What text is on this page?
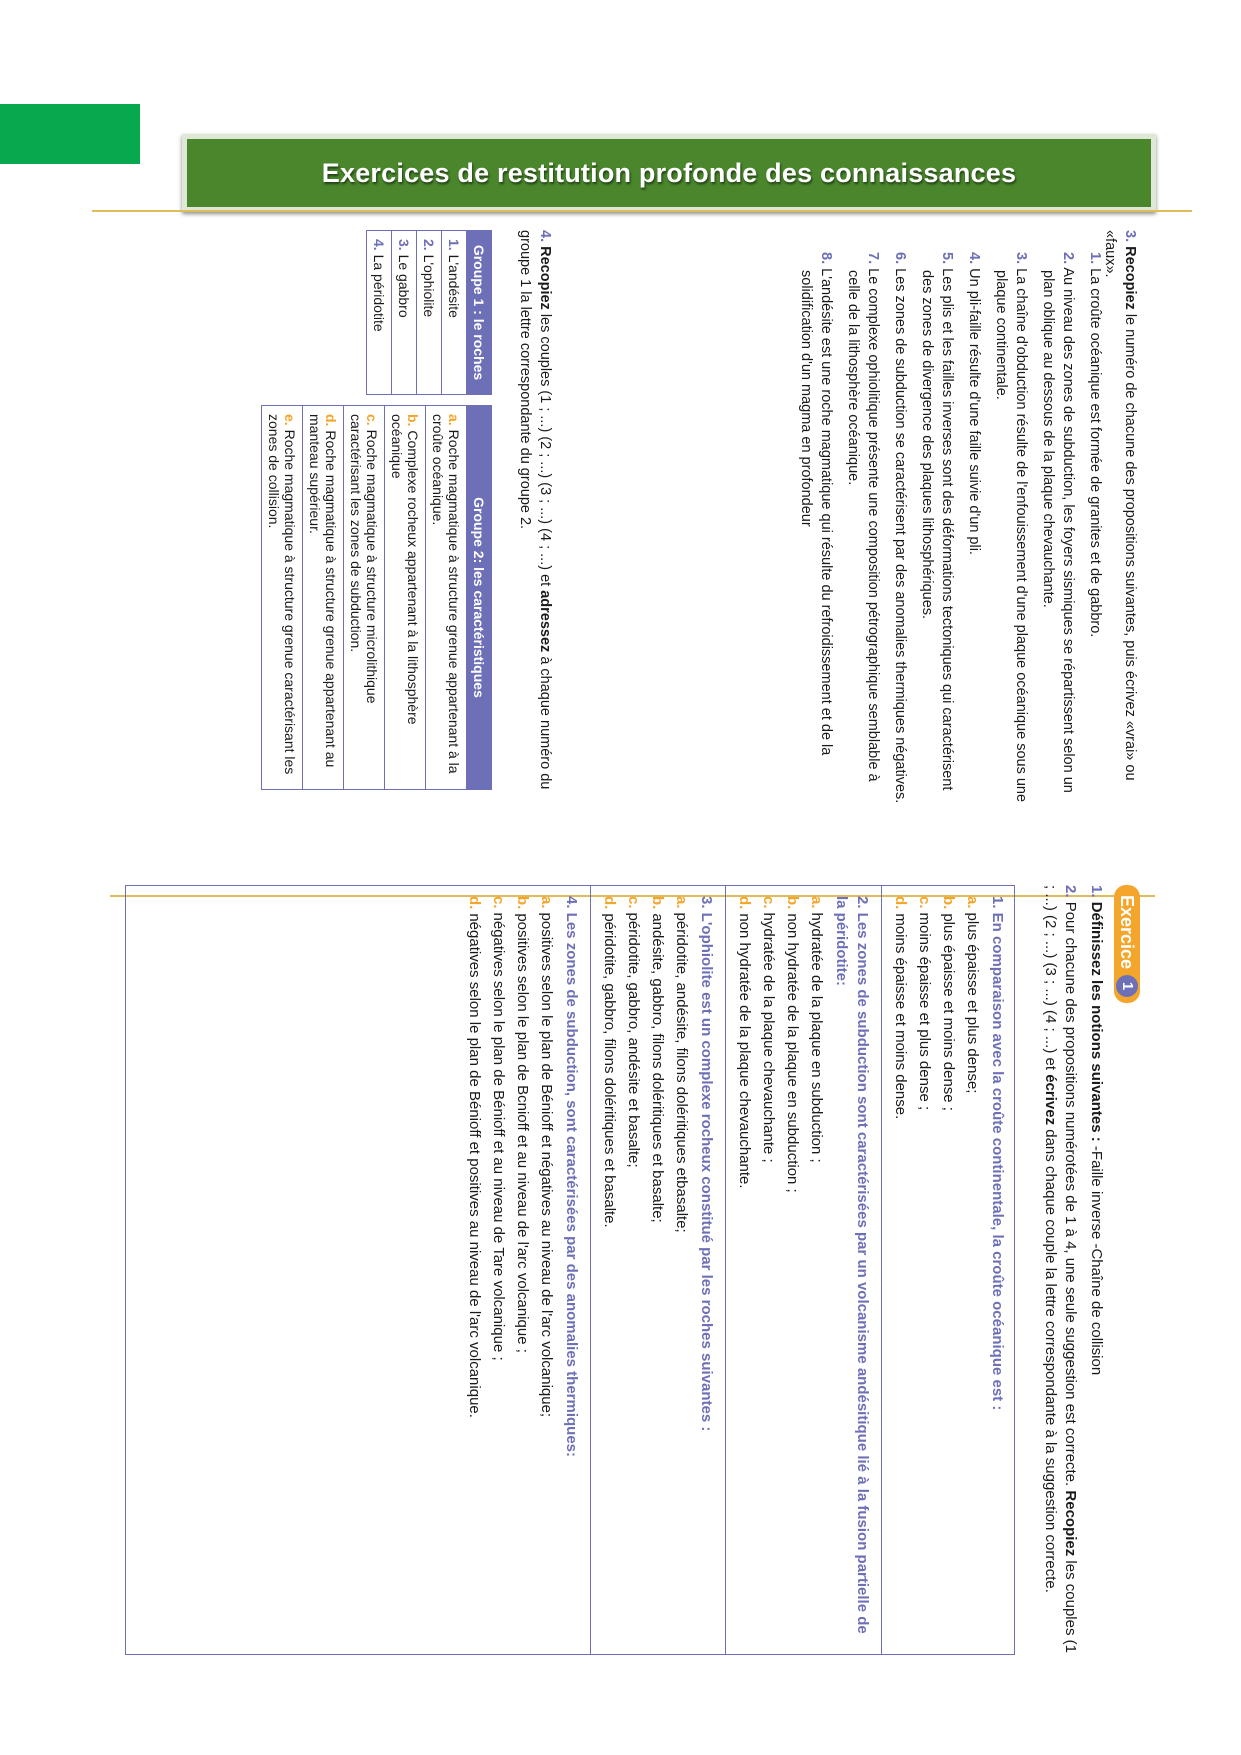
Exercices de restitution profonde des connaissances
3. Recopiez le numéro de chacune des propositions suivantes, puis écrivez «vrai» ou «faux».
1. La croûte océanique est formée de granites et de gabbro.
2. Au niveau des zones de subduction, les foyers sismiques se répartissent selon un plan oblique au dessous de la plaque chevauchante.
3. La chaîne d'obduction résulte de l'enfouissement d'une plaque océanique sous une plaque continentale.
4. Un pli-faille résulte d'une faille suivie d'un pli.
5. Les plis et les failles inverses sont des déformations tectoniques qui caractérisent des zones de divergence des plaques lithosphériques.
6. Les zones de subduction se caractérisent par des anomalies thermiques négatives.
7. Le complexe ophiolitique présente une composition pétrographique semblable à celle de la lithosphère océanique.
8. L'andésite est une roche magmatique qui résulte du refroidissement et de la solidification d'un magma en profondeur
4. Recopiez les couples (1 ; ...) (2 ; ...) (3 ; ...) (4 ; ...) et adressez à chaque numéro du groupe 1 la lettre correspondante du groupe 2.
Groupe 1 : le roches
1. L'andésite
2. L'ophiolite
3. Le gabbro
4. La péridotite
Groupe 2: les caractéristiques
a. Roche magmatique à structure grenue appartenant à la croûte océanique.
b. Complexe rocheux appartenant à la lithosphère océanique
c. Roche magmatique à structure microlithique caractérisant les zones de subduction.
d. Roche magmatique à structure grenue appartenant au manteau supérieur.
e. Roche magmatique à structure grenue caractérisant les zones de collision.
Exercice
1
1. Définissez les notions suivantes : -Faille inverse -Chaîne de collision
2. Pour chacune des propositions numérotées de 1 à 4, une seule suggestion est correcte. Recopiez les couples (1 ; ...) (2 ; ...) (3 ; ...) (4 ; ...) et écrivez dans chaque couple la lettre correspondante à la suggestion correcte.
1. En comparaison avec la croûte continentale, la croûte océanique est :
a.plus épaisse et plus dense;
b.plus épaisse et moins dense ;
c.moins épaisse et plus dense ;
d.moins épaisse et moins dense.
2. Les zones de subduction sont caractérisées par un volcanisme andésitique lié à la fusion partielle de la péridotite:
a.hydratée de la plaque en subduction ;
b.non hydratée de la plaque en subduction ;
c.hydratée de la plaque chevauchante ;
d.non hydratée de la plaque chevauchante.
3. L'ophiolite est un complexe rocheux constitué par les roches suivantes :
a.péridotite, andésite, filons doléritiques etbasalte;
b.andésite, gabbro, filons doléritiques et basalte;
c.péridotite, gabbro, andésite et basalte;
d.péridotite, gabbro, filons doléritiques et basalte.
4. Les zones de subduction, sont caractérisées par des anomalies thermiques:
a.positives selon le plan de Bénioff et négatives au niveau de l'arc volcanique;
b.positives selon le plan de Bcnioff et au niveau de l'arc volcanique ;
c.négatives selon le plan de Bénioff et au niveau de Tare volcanique ;
d.négatives selon le plan de Bénioff et positives au niveau de l'arc volcanique.
